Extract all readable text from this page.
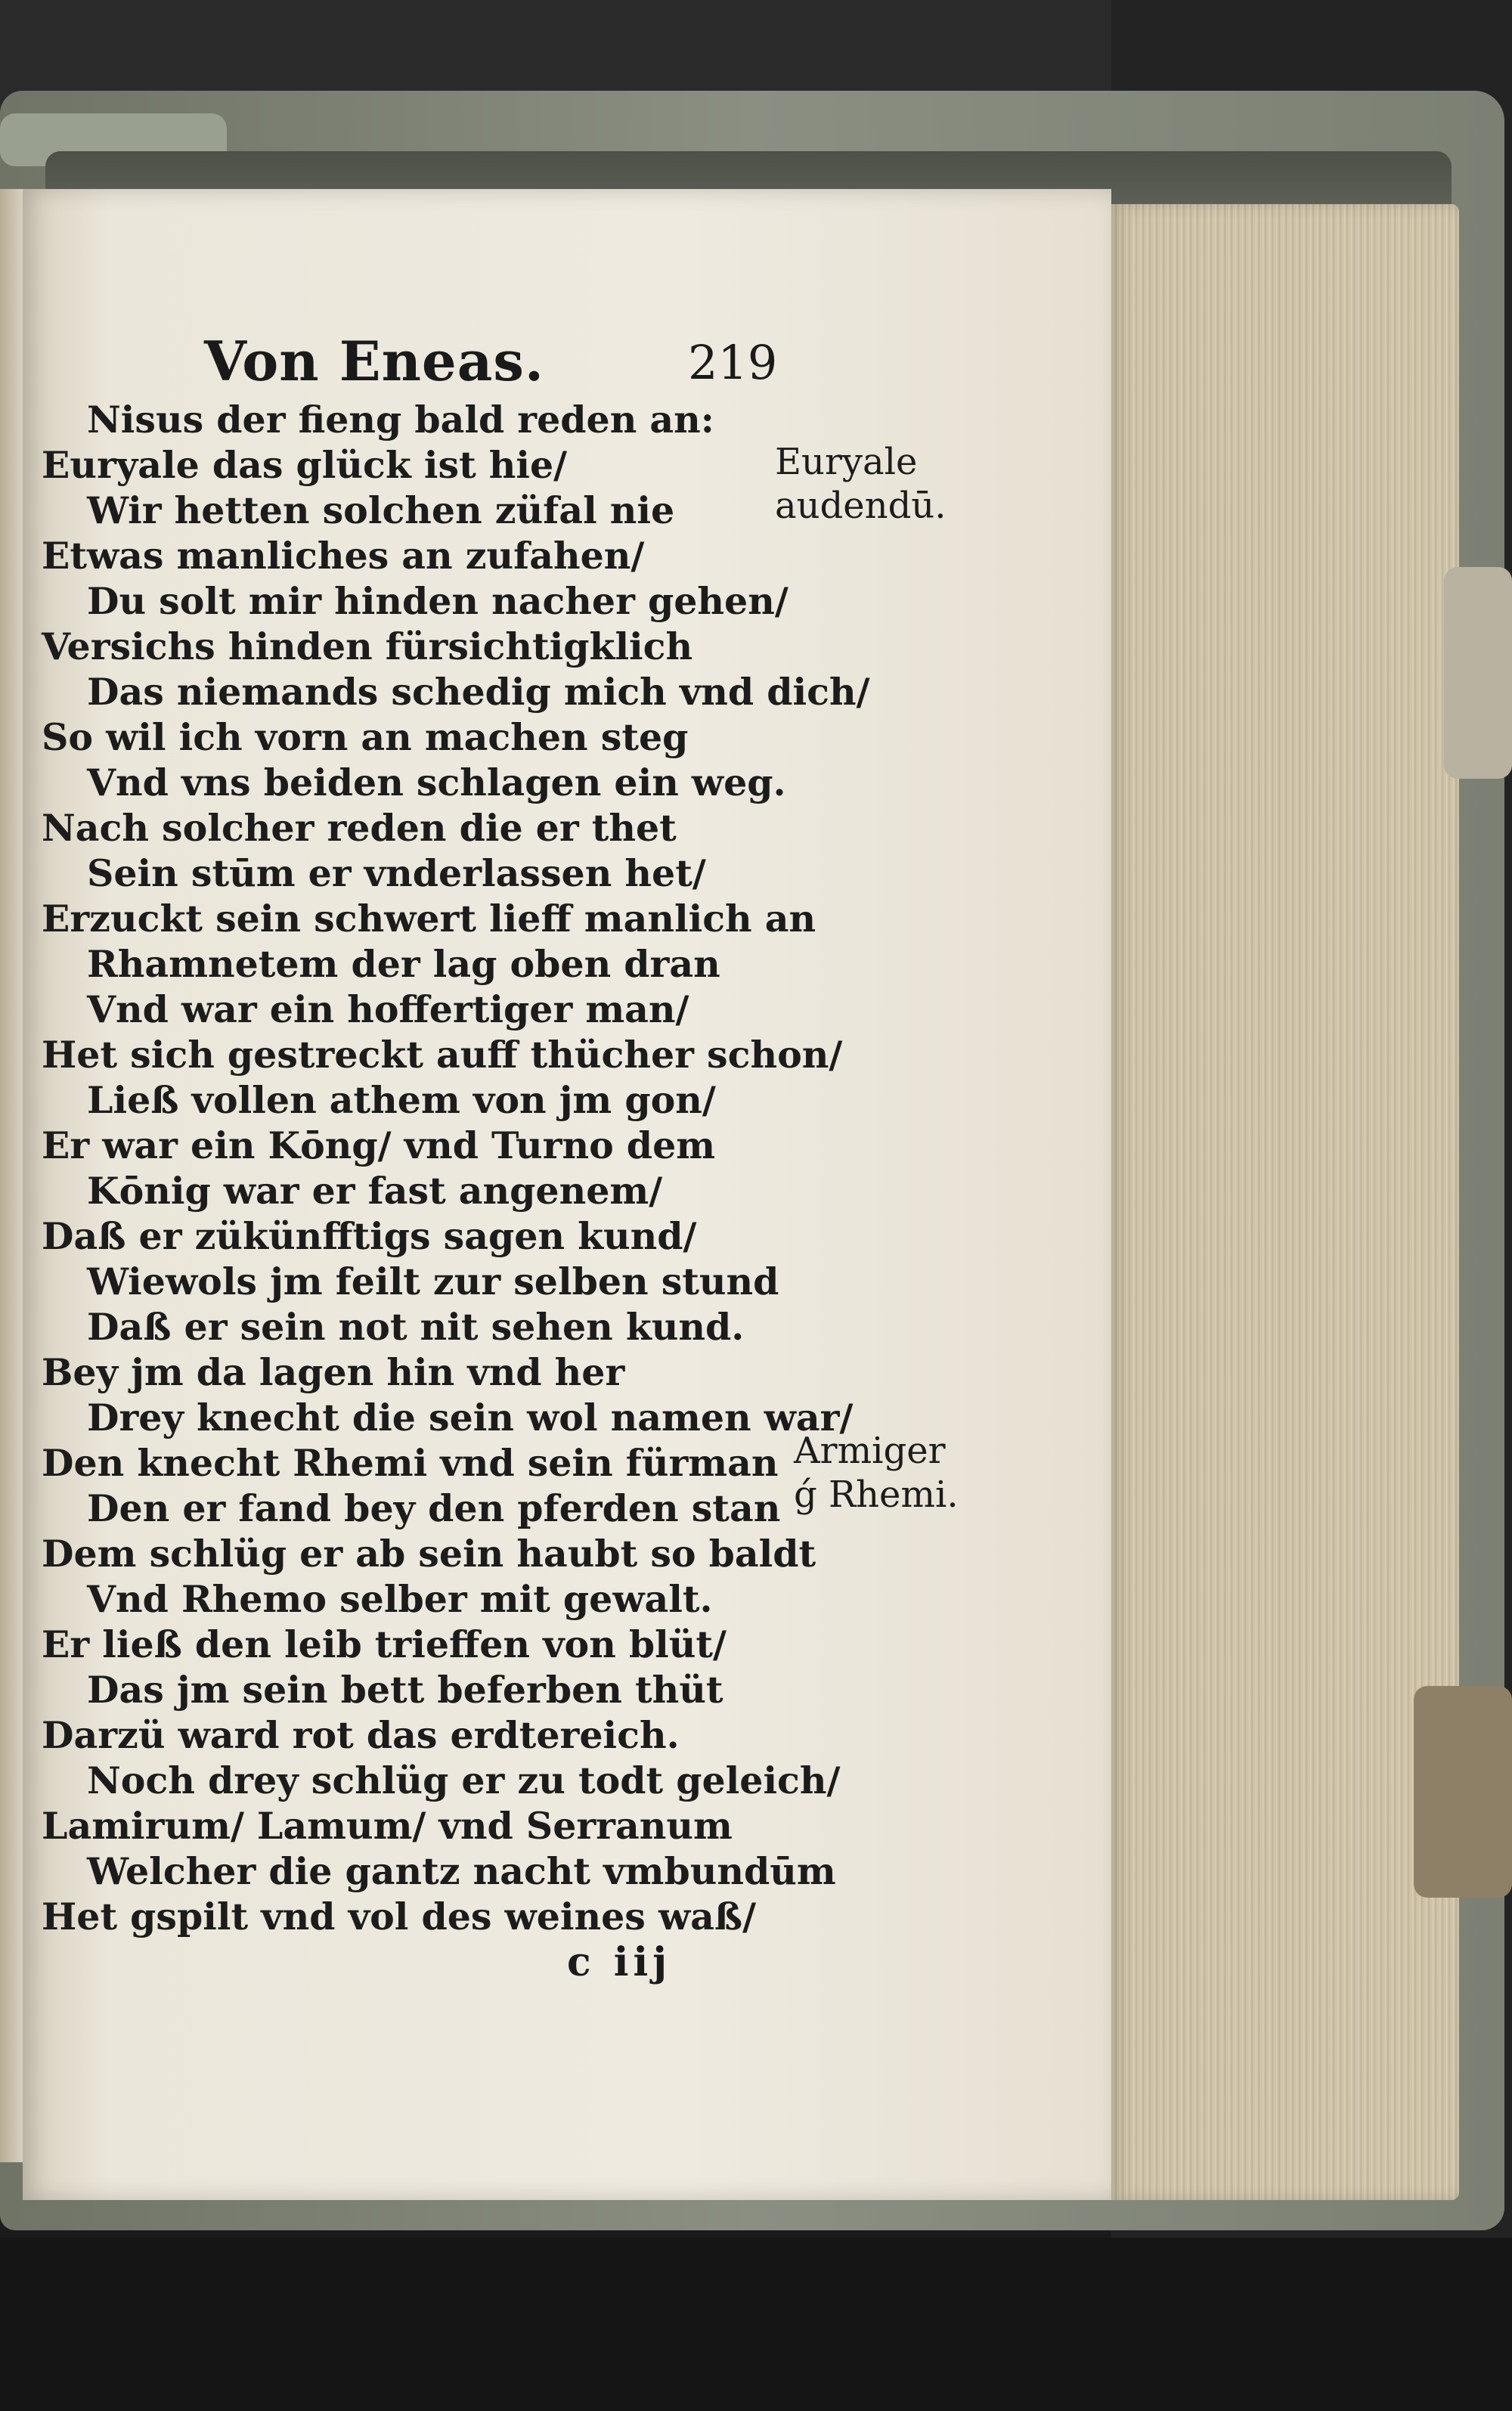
Von Eneas.	219
Nisus der fieng bald reden an:
Euryale das glück ist hie/
Wir hetten solchen züfal nie
Etwas manliches an zufahen/
Du solt mir hinden nacher gehen/
Versichs hinden fürsichtigklich
Das niemands schedig mich vnd dich/
So wil ich vorn an machen steg
Vnd vns beiden schlagen ein weg.
Nach solcher reden die er thet
Sein stūm er vnderlassen het/
Erzuckt sein schwert lieff manlich an
Rhamnetem der lag oben dran
Vnd war ein hoffertiger man/
Het sich gestreckt auff thücher schon/
Ließ vollen athem von jm gon/
Er war ein Kōng/ vnd Turno dem
Kōnig war er fast angenem/
Daß er zükünfftigs sagen kund/
Wiewols jm feilt zur selben stund
Daß er sein not nit sehen kund.
Bey jm da lagen hin vnd her
Drey knecht die sein wol namen war/
Den knecht Rhemi vnd sein fürman
Den er fand bey den pferden stan
Dem schlüg er ab sein haubt so baldt
Vnd Rhemo selber mit gewalt.
Er ließ den leib trieffen von blüt/
Das jm sein bett beferben thüt
Darzü ward rot das erdtereich.
Noch drey schlüg er zu todt geleich/
Lamirum/ Lamum/ vnd Serranum
Welcher die gantz nacht vmbundūm
Het gspilt vnd vol des weines waß/
Euryale
audendū.
Armiger
ǵ Rhemi.
c iij
